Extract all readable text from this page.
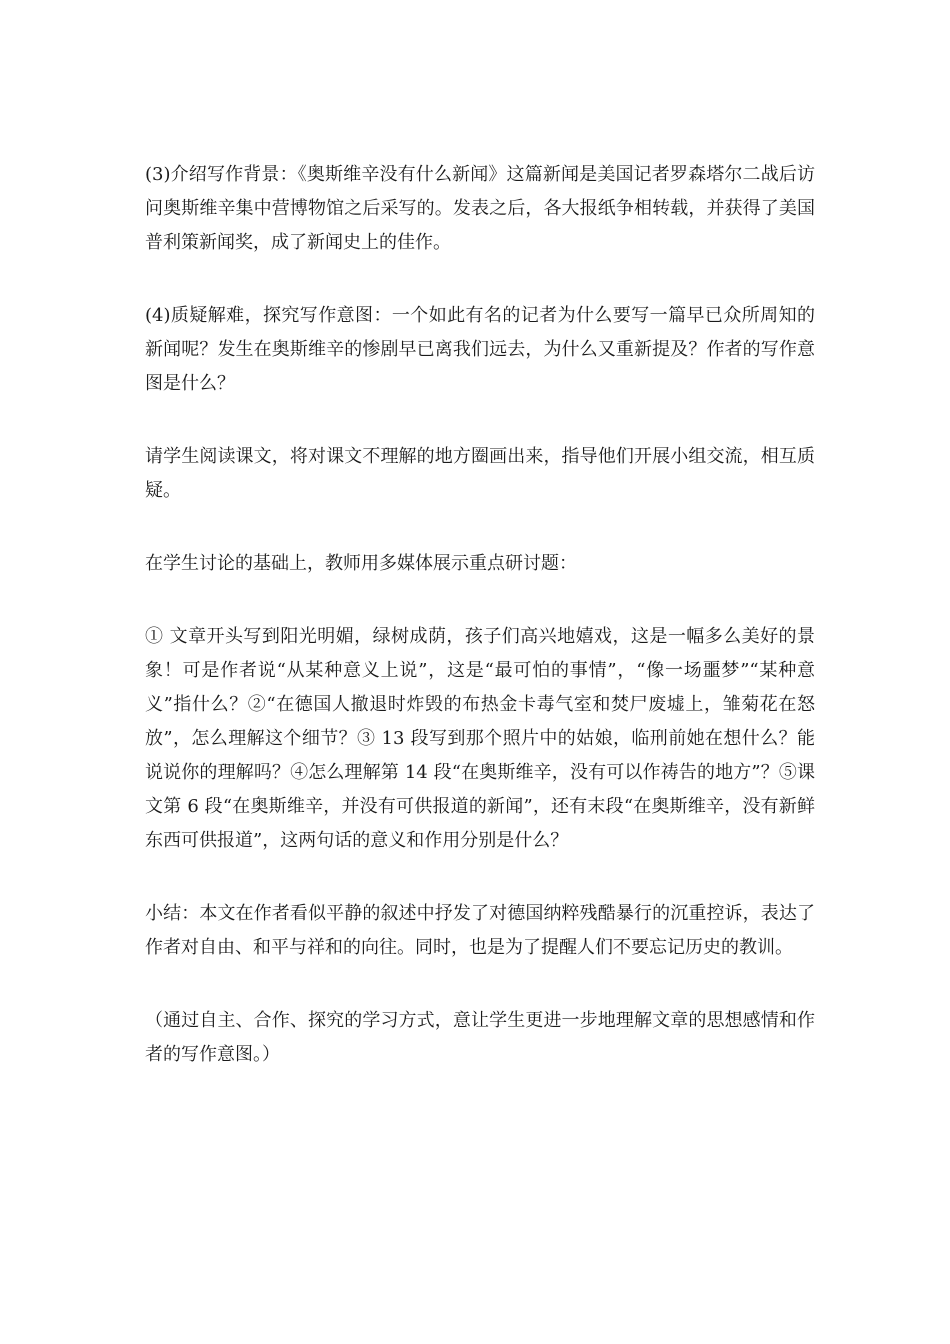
(3)介绍写作背景：《奥斯维辛没有什么新闻》这篇新闻是美国记者罗森塔尔二战后访问奥斯维辛集中营博物馆之后采写的。发表之后，各大报纸争相转载，并获得了美国普利策新闻奖，成了新闻史上的佳作。

(4)质疑解难，探究写作意图：一个如此有名的记者为什么要写一篇早已众所周知的新闻呢？发生在奥斯维辛的惨剧早已离我们远去，为什么又重新提及？作者的写作意图是什么？

请学生阅读课文，将对课文不理解的地方圈画出来，指导他们开展小组交流，相互质疑。

在学生讨论的基础上，教师用多媒体展示重点研讨题：

① 文章开头写到阳光明媚，绿树成荫，孩子们高兴地嬉戏，这是一幅多么美好的景象！可是作者说“从某种意义上说”，这是“最可怕的事情”，“像一场噩梦”“某种意义”指什么？②“在德国人撤退时炸毁的布热金卡毒气室和焚尸废墟上，雏菊花在怒放”，怎么理解这个细节？③ 13 段写到那个照片中的姑娘，临刑前她在想什么？能说说你的理解吗？④怎么理解第 14 段“在奥斯维辛，没有可以作祷告的地方”？⑤课文第 6 段“在奥斯维辛，并没有可供报道的新闻”，还有末段“在奥斯维辛，没有新鲜东西可供报道”，这两句话的意义和作用分别是什么？

小结：本文在作者看似平静的叙述中抒发了对德国纳粹残酷暴行的沉重控诉，表达了作者对自由、和平与祥和的向往。同时，也是为了提醒人们不要忘记历史的教训。

（通过自主、合作、探究的学习方式，意让学生更进一步地理解文章的思想感情和作者的写作意图。）
